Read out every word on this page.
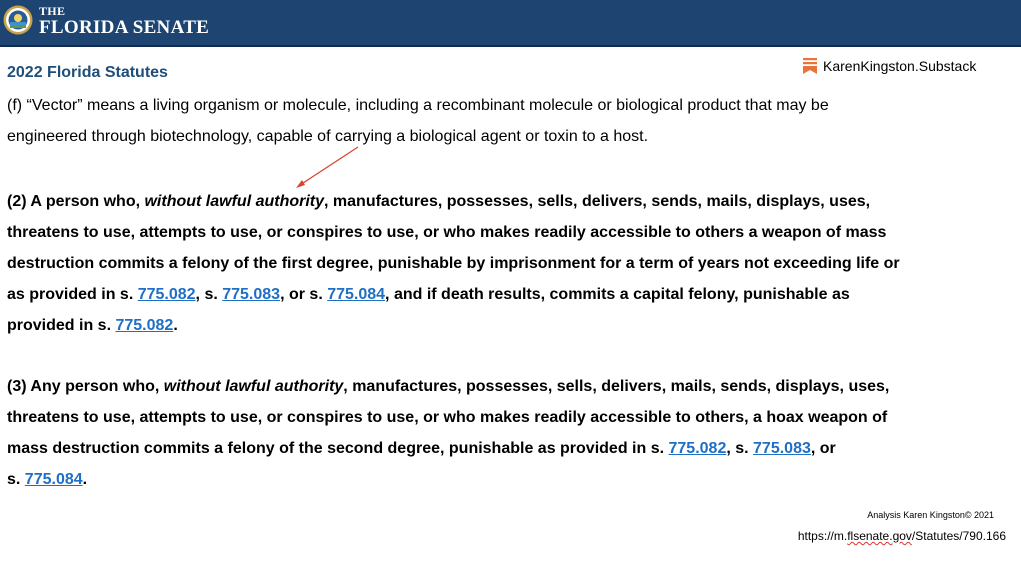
THE
FLORIDA SENATE
2022 Florida Statutes	KarenKingston.Substack

(f) “Vector” means a living organism or molecule, including a recombinant molecule or biological product that may be

engineered through biotechnology, capable of carrying a biological agent or toxin to a host.

(2) A person who, without lawful authority, manufactures, possesses, sells, delivers, sends, mails, displays, uses,

threatens to use, attempts to use, or conspires to use, or who makes readily accessible to others a weapon of mass

destruction commits a felony of the first degree, punishable by imprisonment for a term of years not exceeding life or

as provided in s. 775.082, s. 775.083, or s. 775.084, and if death results, commits a capital felony, punishable as

provided in s. 775.082.

(3) Any person who, without lawful authority, manufactures, possesses, sells, delivers, mails, sends, displays, uses,

threatens to use, attempts to use, or conspires to use, or who makes readily accessible to others, a hoax weapon of

mass destruction commits a felony of the second degree, punishable as provided in s. 775.082, s. 775.083, or

s. 775.084.

Analysis Karen Kingston© 2021
https://m.flsenate.gov/Statutes/790.166
